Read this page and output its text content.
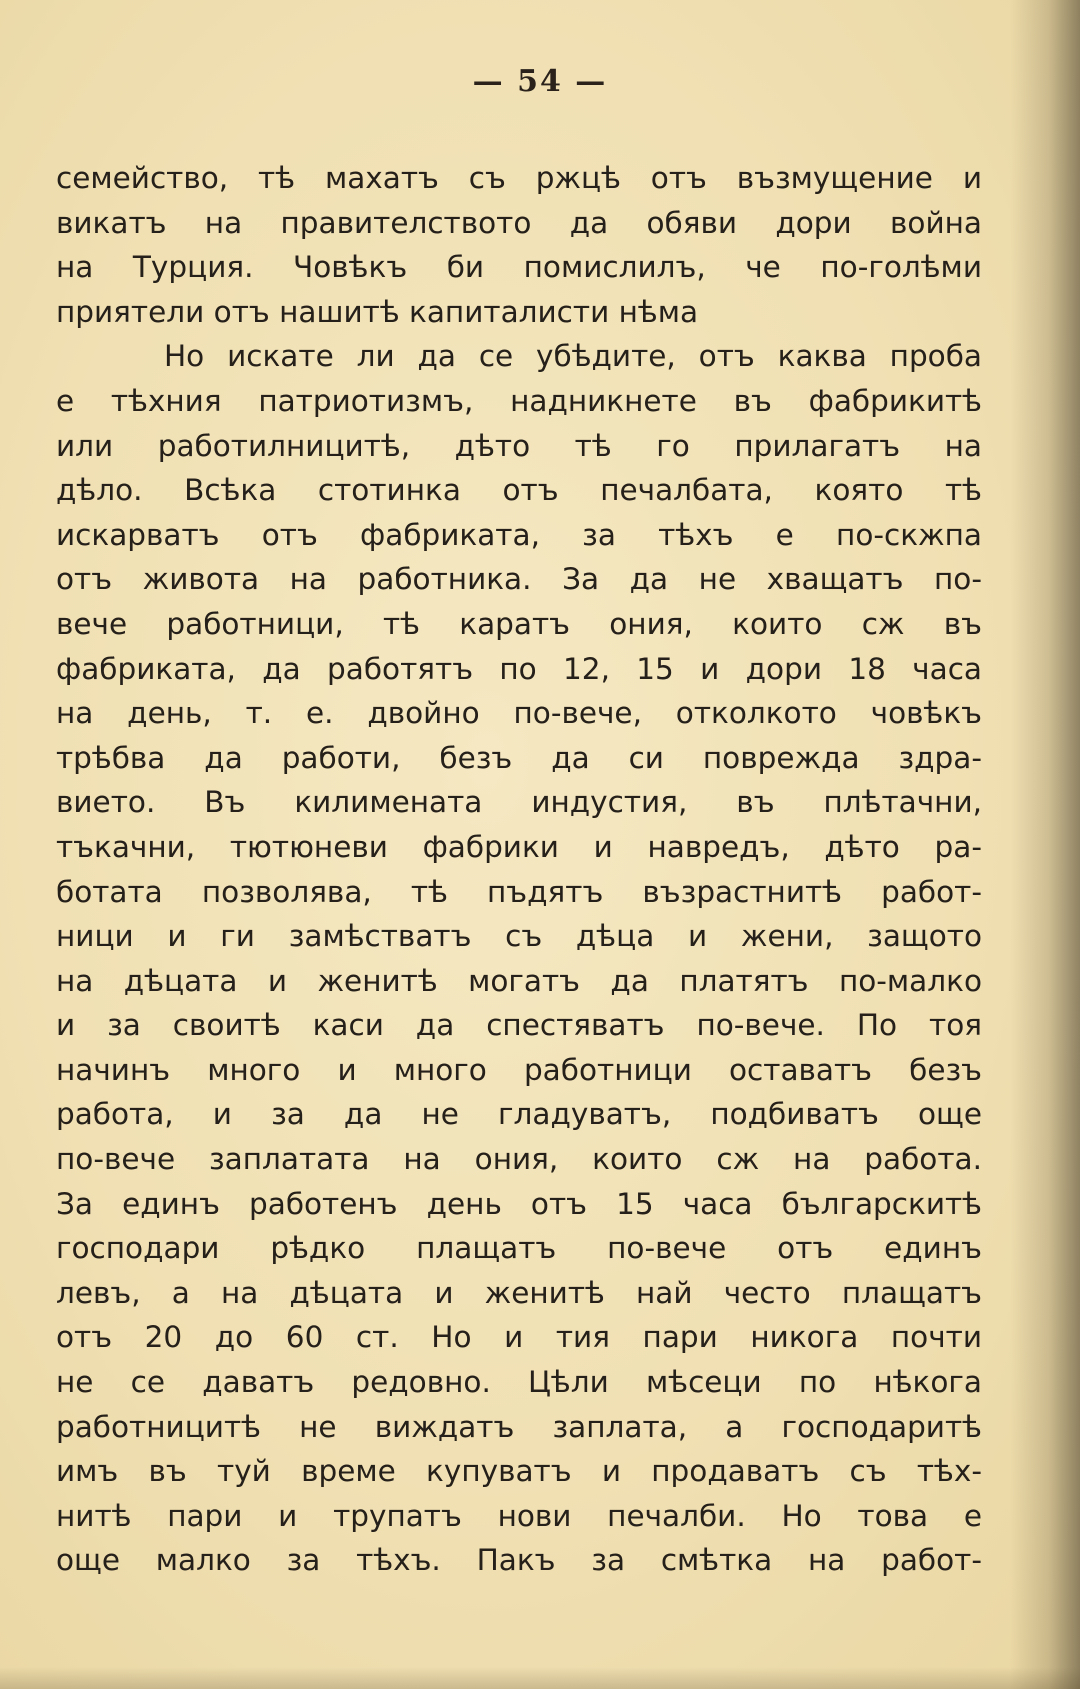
— 54 —
семейство, тѣ махатъ съ ржцѣ отъ възмущение и
викатъ на правителството да обяви дори война
на Турция. Човѣкъ би помислилъ, че по-голѣми
приятели отъ нашитѣ капиталисти нѣма
Но искате ли да се убѣдите, отъ каква проба
е тѣхния патриотизмъ, надникнете въ фабрикитѣ
или работилницитѣ, дѣто тѣ го прилагатъ на
дѣло. Всѣка стотинка отъ печалбата, която тѣ
искарватъ отъ фабриката, за тѣхъ е по-скжпа
отъ живота на работника. За да не хващатъ по-
вече работници, тѣ каратъ ония, които сж въ
фабриката, да работятъ по 12, 15 и дори 18 часа
на день, т. е. двойно по-вече, отколкото човѣкъ
трѣбва да работи, безъ да си поврежда здра-
вието. Въ килимената индустия, въ плѣтачни,
тъкачни, тютюневи фабрики и навредъ, дѣто ра-
ботата позволява, тѣ пъдятъ възрастнитѣ работ-
ници и ги замѣстватъ съ дѣца и жени, защото
на дѣцата и женитѣ могатъ да платятъ по-малко
и за своитѣ каси да спестяватъ по-вече. По тоя
начинъ много и много работници оставатъ безъ
работа, и за да не гладуватъ, подбиватъ още
по-вече заплатата на ония, които сж на работа.
За единъ работенъ день отъ 15 часа българскитѣ
господари рѣдко плащатъ по-вече отъ единъ
левъ, а на дѣцата и женитѣ най често плащатъ
отъ 20 до 60 ст. Но и тия пари никога почти
не се даватъ редовно. Цѣли мѣсеци по нѣкога
работницитѣ не виждатъ заплата, а господаритѣ
имъ въ туй време купуватъ и продаватъ съ тѣх-
нитѣ пари и трупатъ нови печалби. Но това е
още малко за тѣхъ. Пакъ за смѣтка на работ-
